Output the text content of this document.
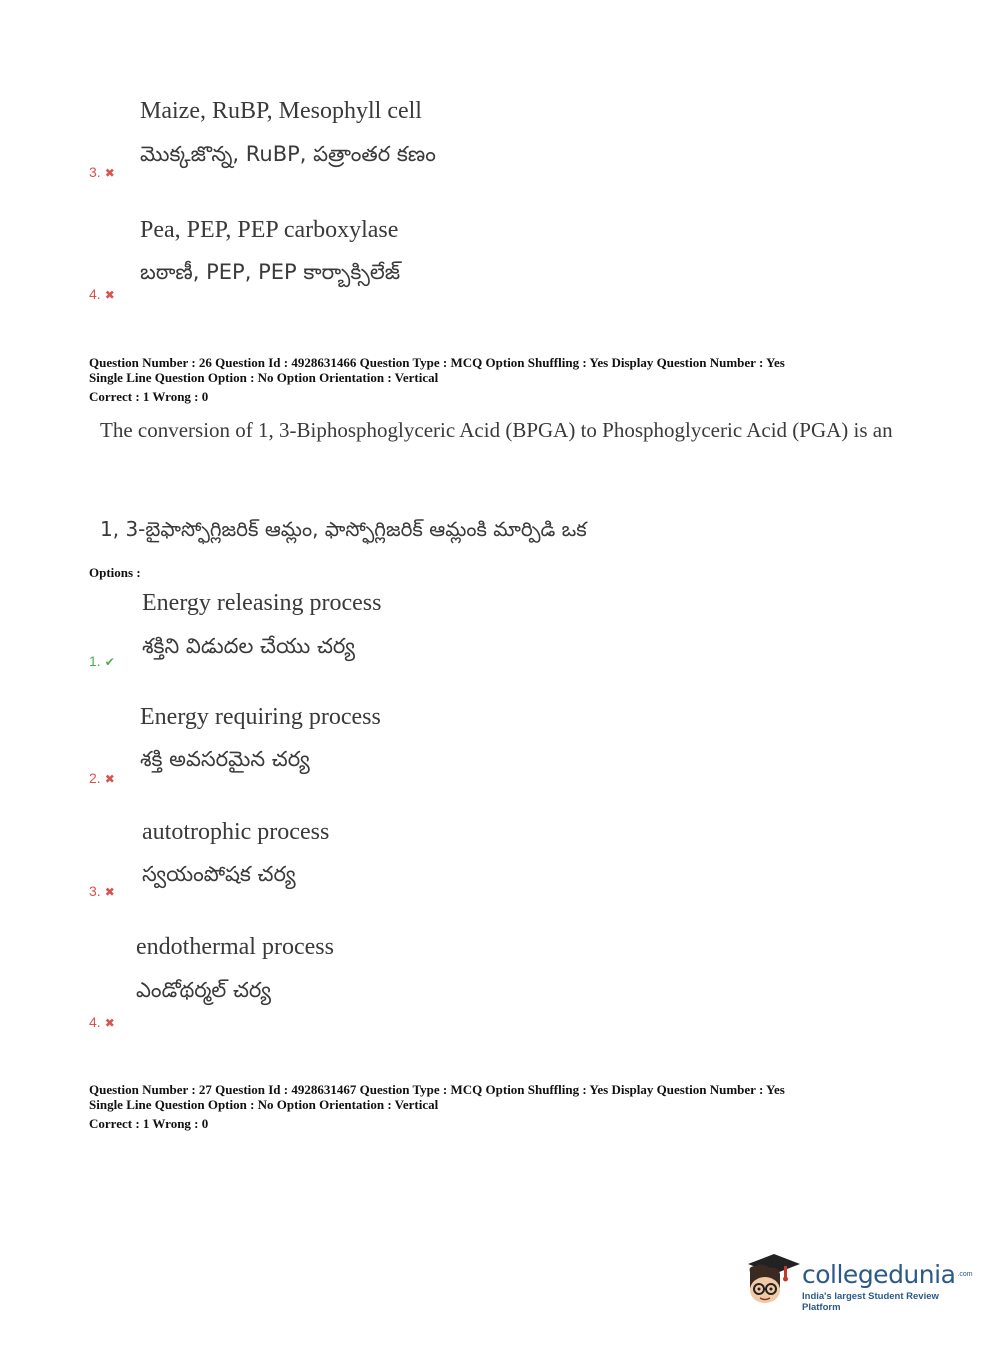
Maize, RuBP, Mesophyll cell
మొక్కజొన్న, RuBP, పత్రాంతర కణం
3. ✖
Pea, PEP, PEP carboxylase
బఠాణీ, PEP, PEP కార్బాక్సిలేజ్
4. ✖
Question Number : 26 Question Id : 4928631466 Question Type : MCQ Option Shuffling : Yes Display Question Number : Yes
Single Line Question Option : No Option Orientation : Vertical
Correct : 1 Wrong : 0
The conversion of 1, 3-Biphosphoglyceric Acid (BPGA) to Phosphoglyceric Acid (PGA) is an
1, 3-బైఫాస్ఫోగ్లిజరిక్ ఆమ్లం, ఫాస్ఫోగ్లిజరిక్ ఆమ్లంకి మార్పిడి ఒక
Options :
Energy releasing process
శక్తిని విడుదల చేయు చర్య
1. ✔
Energy requiring process
శక్తి అవసరమైన చర్య
2. ✖
autotrophic process
స్వయంపోషక చర్య
3. ✖
endothermal process
ఎండోథర్మల్ చర్య
4. ✖
Question Number : 27 Question Id : 4928631467 Question Type : MCQ Option Shuffling : Yes Display Question Number : Yes
Single Line Question Option : No Option Orientation : Vertical
Correct : 1 Wrong : 0
collegedunia .com
India's largest Student Review Platform
